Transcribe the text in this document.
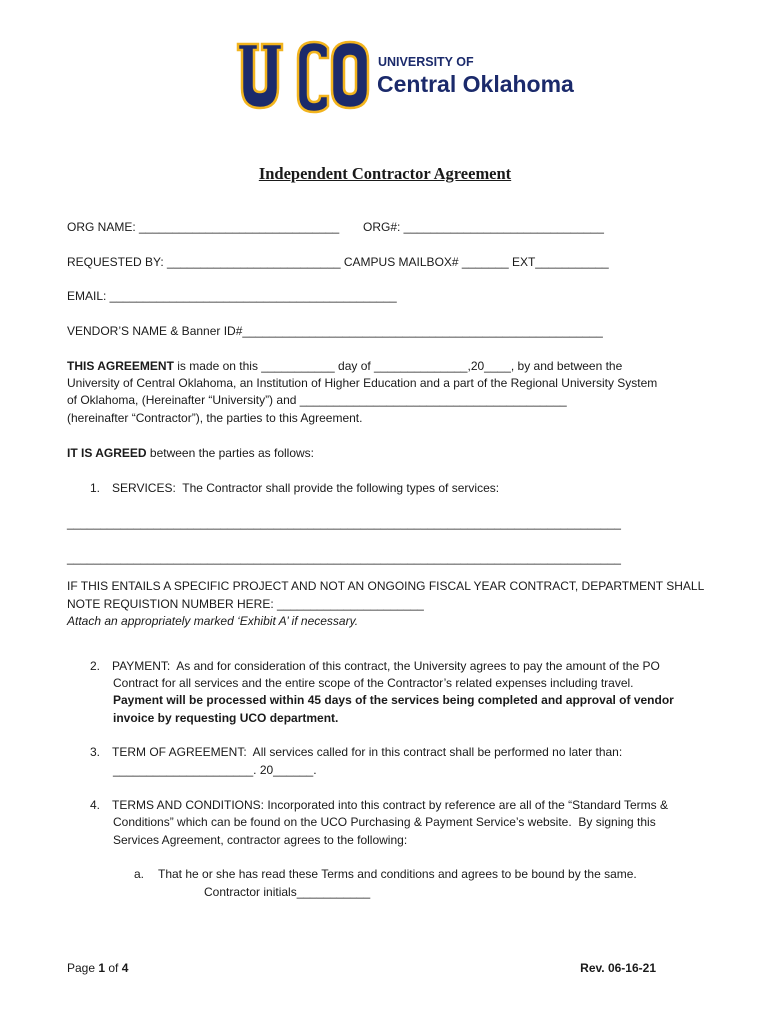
UNIVERSITY OF
Central Oklahoma
Independent Contractor Agreement
ORG NAME: ______________________________ ORG#: ______________________________
REQUESTED BY: __________________________ CAMPUS MAILBOX# _______ EXT___________
EMAIL: ___________________________________________
VENDOR’S NAME & Banner ID#______________________________________________________
THIS AGREEMENT is made on this ___________ day of ______________,20____, by and between the
University of Central Oklahoma, an Institution of Higher Education and a part of the Regional University System
of Oklahoma, (Hereinafter “University”) and ________________________________________
(hereinafter “Contractor”), the parties to this Agreement.
IT IS AGREED between the parties as follows:
1. SERVICES:  The Contractor shall provide the following types of services:
___________________________________________________________________________________
___________________________________________________________________________________
IF THIS ENTAILS A SPECIFIC PROJECT AND NOT AN ONGOING FISCAL YEAR CONTRACT, DEPARTMENT SHALL
NOTE REQUISTION NUMBER HERE: ______________________
Attach an appropriately marked ‘Exhibit A’ if necessary.
2. PAYMENT:  As and for consideration of this contract, the University agrees to pay the amount of the PO
Contract for all services and the entire scope of the Contractor’s related expenses including travel.
Payment will be processed within 45 days of the services being completed and approval of vendor
invoice by requesting UCO department.
3. TERM OF AGREEMENT:  All services called for in this contract shall be performed no later than:
_____________________. 20______.
4. TERMS AND CONDITIONS: Incorporated into this contract by reference are all of the “Standard Terms &
Conditions” which can be found on the UCO Purchasing & Payment Service’s website.  By signing this
Services Agreement, contractor agrees to the following:
a. That he or she has read these Terms and conditions and agrees to be bound by the same.
Contractor initials___________
Page 1 of 4	Rev. 06-16-21
